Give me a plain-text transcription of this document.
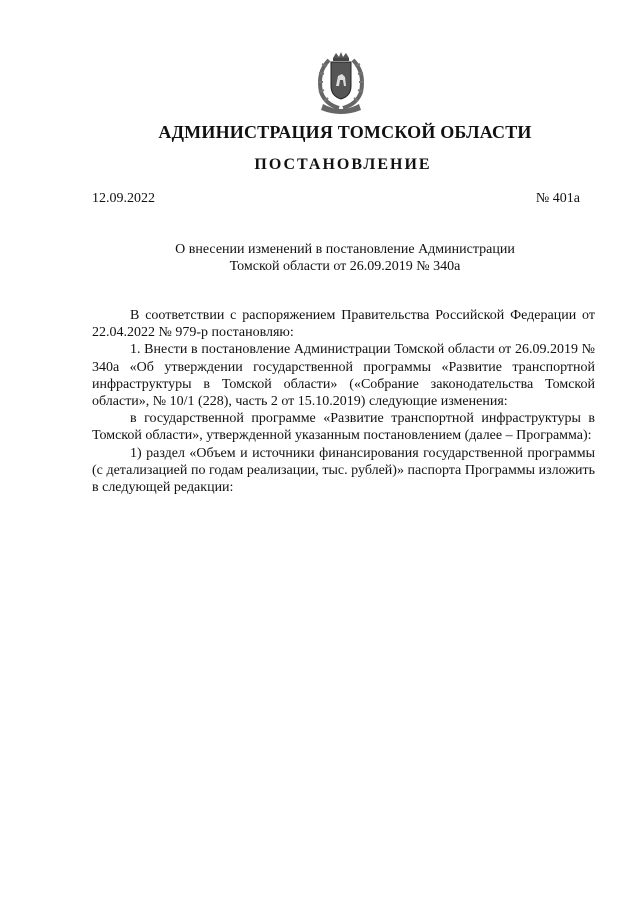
АДМИНИСТРАЦИЯ ТОМСКОЙ ОБЛАСТИ
ПОСТАНОВЛЕНИЕ
12.09.2022	№ 401а
О внесении изменений в постановление Администрации
Томской области от 26.09.2019 № 340а

В соответствии с распоряжением Правительства Российской Федерации от 22.04.2022 № 979-р постановляю:

1. Внести в постановление Администрации Томской области от 26.09.2019 № 340а «Об утверждении государственной программы «Развитие транспортной инфраструктуры в Томской области» («Собрание законодательства Томской области», № 10/1 (228), часть 2 от 15.10.2019) следующие изменения:

в государственной программе «Развитие транспортной инфраструктуры в Томской области», утвержденной указанным постановлением (далее – Программа):

1) раздел «Объем и источники финансирования государственной программы (с детализацией по годам реализации, тыс. рублей)» паспорта Программы изложить в следующей редакции:
